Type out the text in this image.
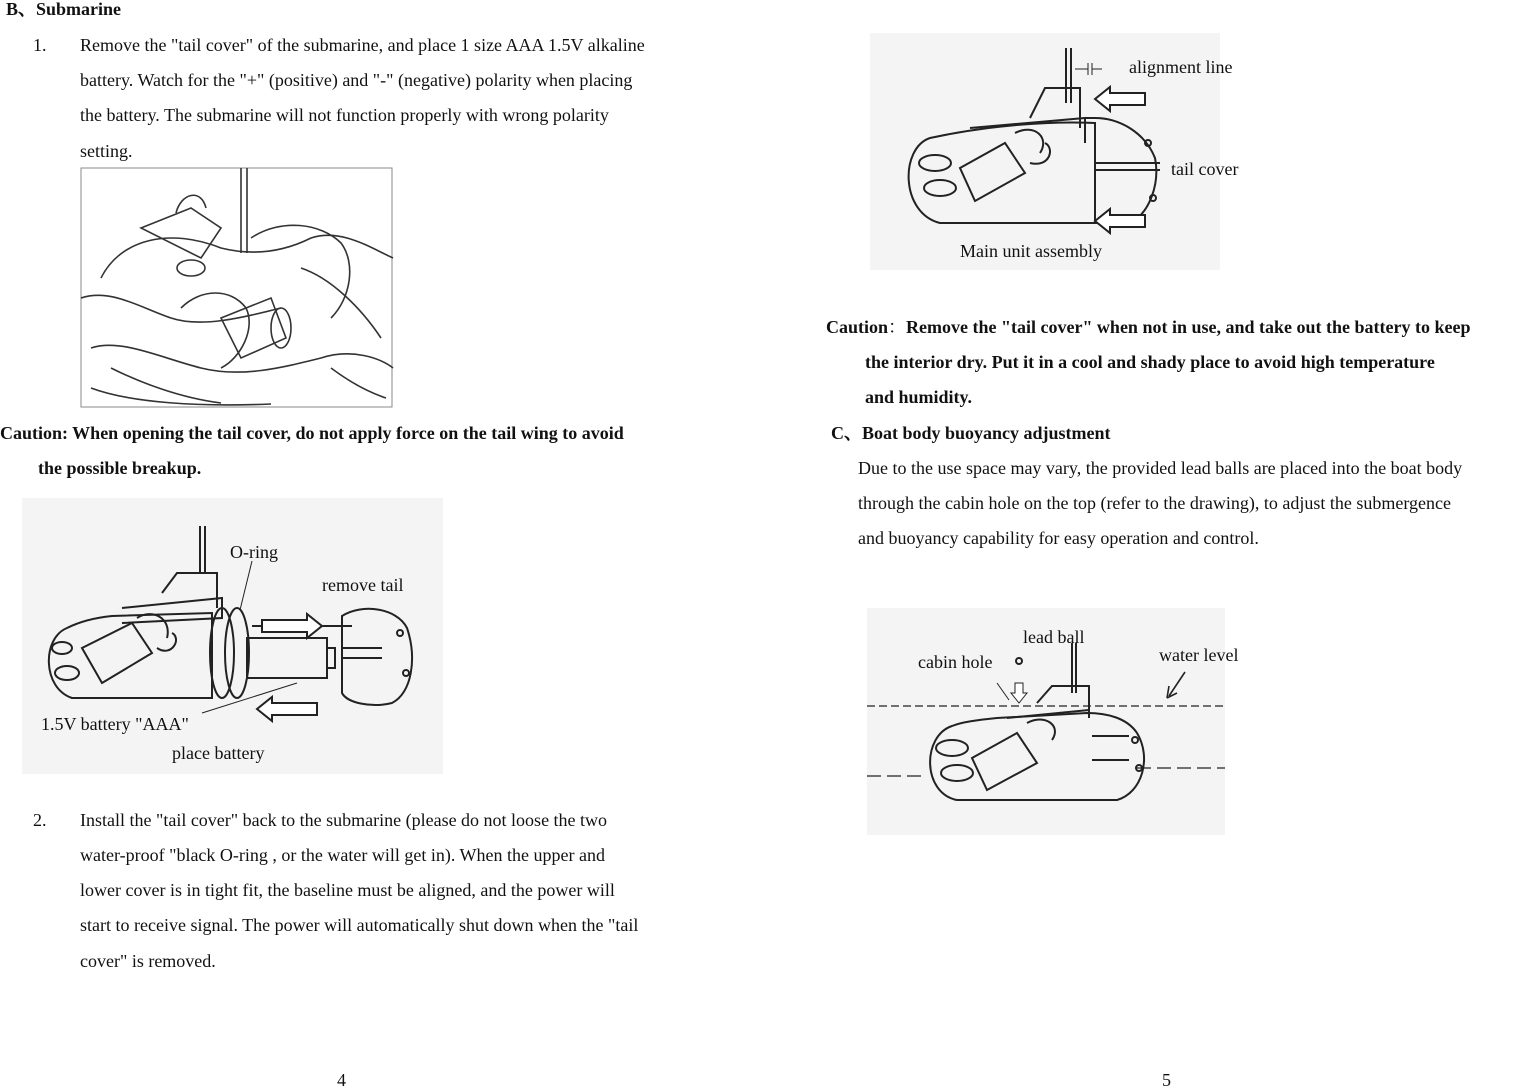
B、Submarine
1. Remove the "tail cover" of the submarine, and place 1 size AAA 1.5V alkaline
battery. Watch for the "+" (positive) and "-" (negative) polarity when placing
the battery. The submarine will not function properly with wrong polarity
setting.
Caution: When opening the tail cover, do not apply force on the tail wing to avoid
the possible breakup.
O-ring
remove tail
1.5V battery "AAA"
place battery
2. Install the "tail cover" back to the submarine (please do not loose the two
water-proof "black O-ring , or the water will get in). When the upper and
lower cover is in tight fit, the baseline must be aligned, and the power will
start to receive signal. The power will automatically shut down when the "tail
cover" is removed.
4
alignment line
tail cover
Main unit assembly
Caution：Remove the "tail cover" when not in use, and take out the battery to keep
the interior dry. Put it in a cool and shady place to avoid high temperature
and humidity.
C、Boat body buoyancy adjustment
Due to the use space may vary, the provided lead balls are placed into the boat body
through the cabin hole on the top (refer to the drawing), to adjust the submergence
and buoyancy capability for easy operation and control.
lead ball
cabin hole	water level
5
